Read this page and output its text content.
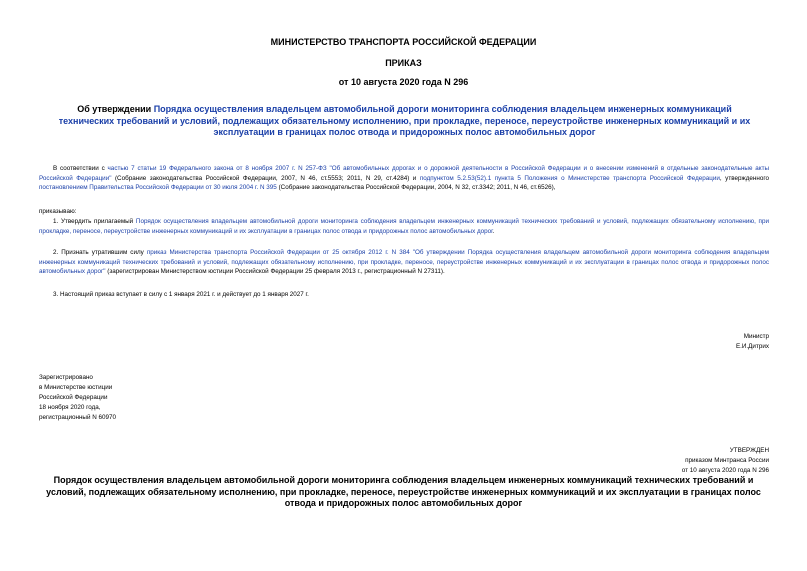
МИНИСТЕРСТВО ТРАНСПОРТА РОССИЙСКОЙ ФЕДЕРАЦИИ
ПРИКАЗ
от 10 августа 2020 года N 296
Об утверждении Порядка осуществления владельцем автомобильной дороги мониторинга соблюдения владельцем инженерных коммуникаций технических требований и условий, подлежащих обязательному исполнению, при прокладке, переносе, переустройстве инженерных коммуникаций и их эксплуатации в границах полос отвода и придорожных полос автомобильных дорог
В соответствии с частью 7 статьи 19 Федерального закона от 8 ноября 2007 г. N 257-ФЗ "Об автомобильных дорогах и о дорожной деятельности в Российской Федерации и о внесении изменений в отдельные законодательные акты Российской Федерации" (Собрание законодательства Российской Федерации, 2007, N 46, ст.5553; 2011, N 29, ст.4284) и подпунктом 5.2.53(52).1 пункта 5 Положения о Министерстве транспорта Российской Федерации, утвержденного постановлением Правительства Российской Федерации от 30 июля 2004 г. N 395 (Собрание законодательства Российской Федерации, 2004, N 32, ст.3342; 2011, N 46, ст.6526),
приказываю:
1. Утвердить прилагаемый Порядок осуществления владельцем автомобильной дороги мониторинга соблюдения владельцем инженерных коммуникаций технических требований и условий, подлежащих обязательному исполнению, при прокладке, переносе, переустройстве инженерных коммуникаций и их эксплуатации в границах полос отвода и придорожных полос автомобильных дорог.
2. Признать утратившим силу приказ Министерства транспорта Российской Федерации от 25 октября 2012 г. N 384 "Об утверждении Порядка осуществления владельцем автомобильной дороги мониторинга соблюдения владельцем инженерных коммуникаций технических требований и условий, подлежащих обязательному исполнению, при прокладке, переносе, переустройстве инженерных коммуникаций и их эксплуатации в границах полос отвода и придорожных полос автомобильных дорог" (зарегистрирован Министерством юстиции Российской Федерации 25 февраля 2013 г., регистрационный N 27311).
3. Настоящий приказ вступает в силу с 1 января 2021 г. и действует до 1 января 2027 г.
Министр
Е.И.Дитрих
Зарегистрировано
в Министерстве юстиции
Российской Федерации
18 ноября 2020 года,
регистрационный N 60970
УТВЕРЖДЕН
приказом Минтранса России
от 10 августа 2020 года N 296
Порядок осуществления владельцем автомобильной дороги мониторинга соблюдения владельцем инженерных коммуникаций технических требований и условий, подлежащих обязательному исполнению, при прокладке, переносе, переустройстве инженерных коммуникаций и их эксплуатации в границах полос отвода и придорожных полос автомобильных дорог
